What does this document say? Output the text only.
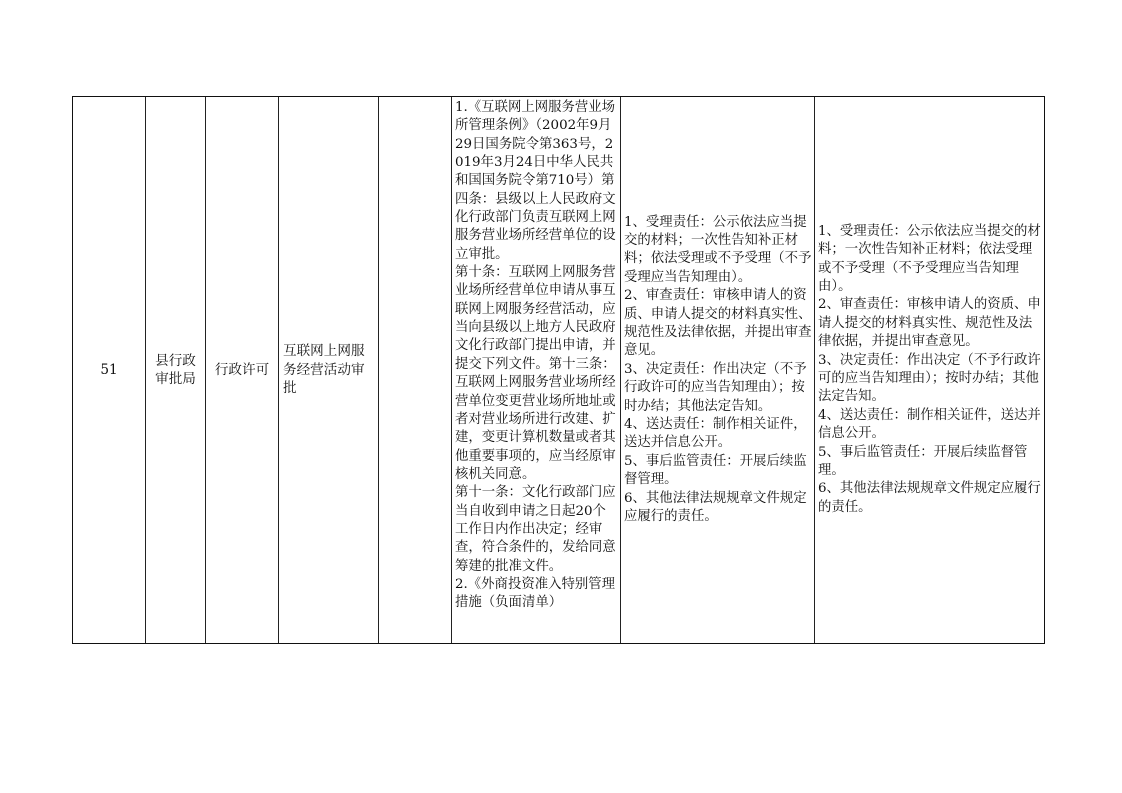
51
县行政
审批局
行政许可
互联网上网服务经营活动审批
1.《互联网上网服务营业场所管理条例》（2002年9月29日国务院令第363号，2019年3月24日中华人民共和国国务院令第710号）第四条：县级以上人民政府文化行政部门负责互联网上网服务营业场所经营单位的设立审批。
第十条：互联网上网服务营业场所经营单位申请从事互联网上网服务经营活动，应当向县级以上地方人民政府文化行政部门提出申请，并提交下列文件。第十三条：互联网上网服务营业场所经营单位变更营业场所地址或者对营业场所进行改建、扩建，变更计算机数量或者其他重要事项的，应当经原审核机关同意。
第十一条：文化行政部门应当自收到申请之日起20个工作日内作出决定；经审查，符合条件的，发给同意筹建的批准文件。
2.《外商投资准入特别管理措施（负面清单）
1、受理责任：公示依法应当提交的材料；一次性告知补正材料；依法受理或不予受理（不予受理应当告知理由）。
2、审查责任：审核申请人的资质、申请人提交的材料真实性、规范性及法律依据，并提出审查意见。
3、决定责任：作出决定（不予行政许可的应当告知理由）；按时办结；其他法定告知。
4、送达责任：制作相关证件，送达并信息公开。
5、事后监管责任：开展后续监督管理。
6、其他法律法规规章文件规定应履行的责任。
1、受理责任：公示依法应当提交的材料；一次性告知补正材料；依法受理或不予受理（不予受理应当告知理由）。
2、审查责任：审核申请人的资质、申请人提交的材料真实性、规范性及法律依据，并提出审查意见。
3、决定责任：作出决定（不予行政许可的应当告知理由）；按时办结；其他法定告知。
4、送达责任：制作相关证件，送达并信息公开。
5、事后监管责任：开展后续监督管理。
6、其他法律法规规章文件规定应履行的责任。
